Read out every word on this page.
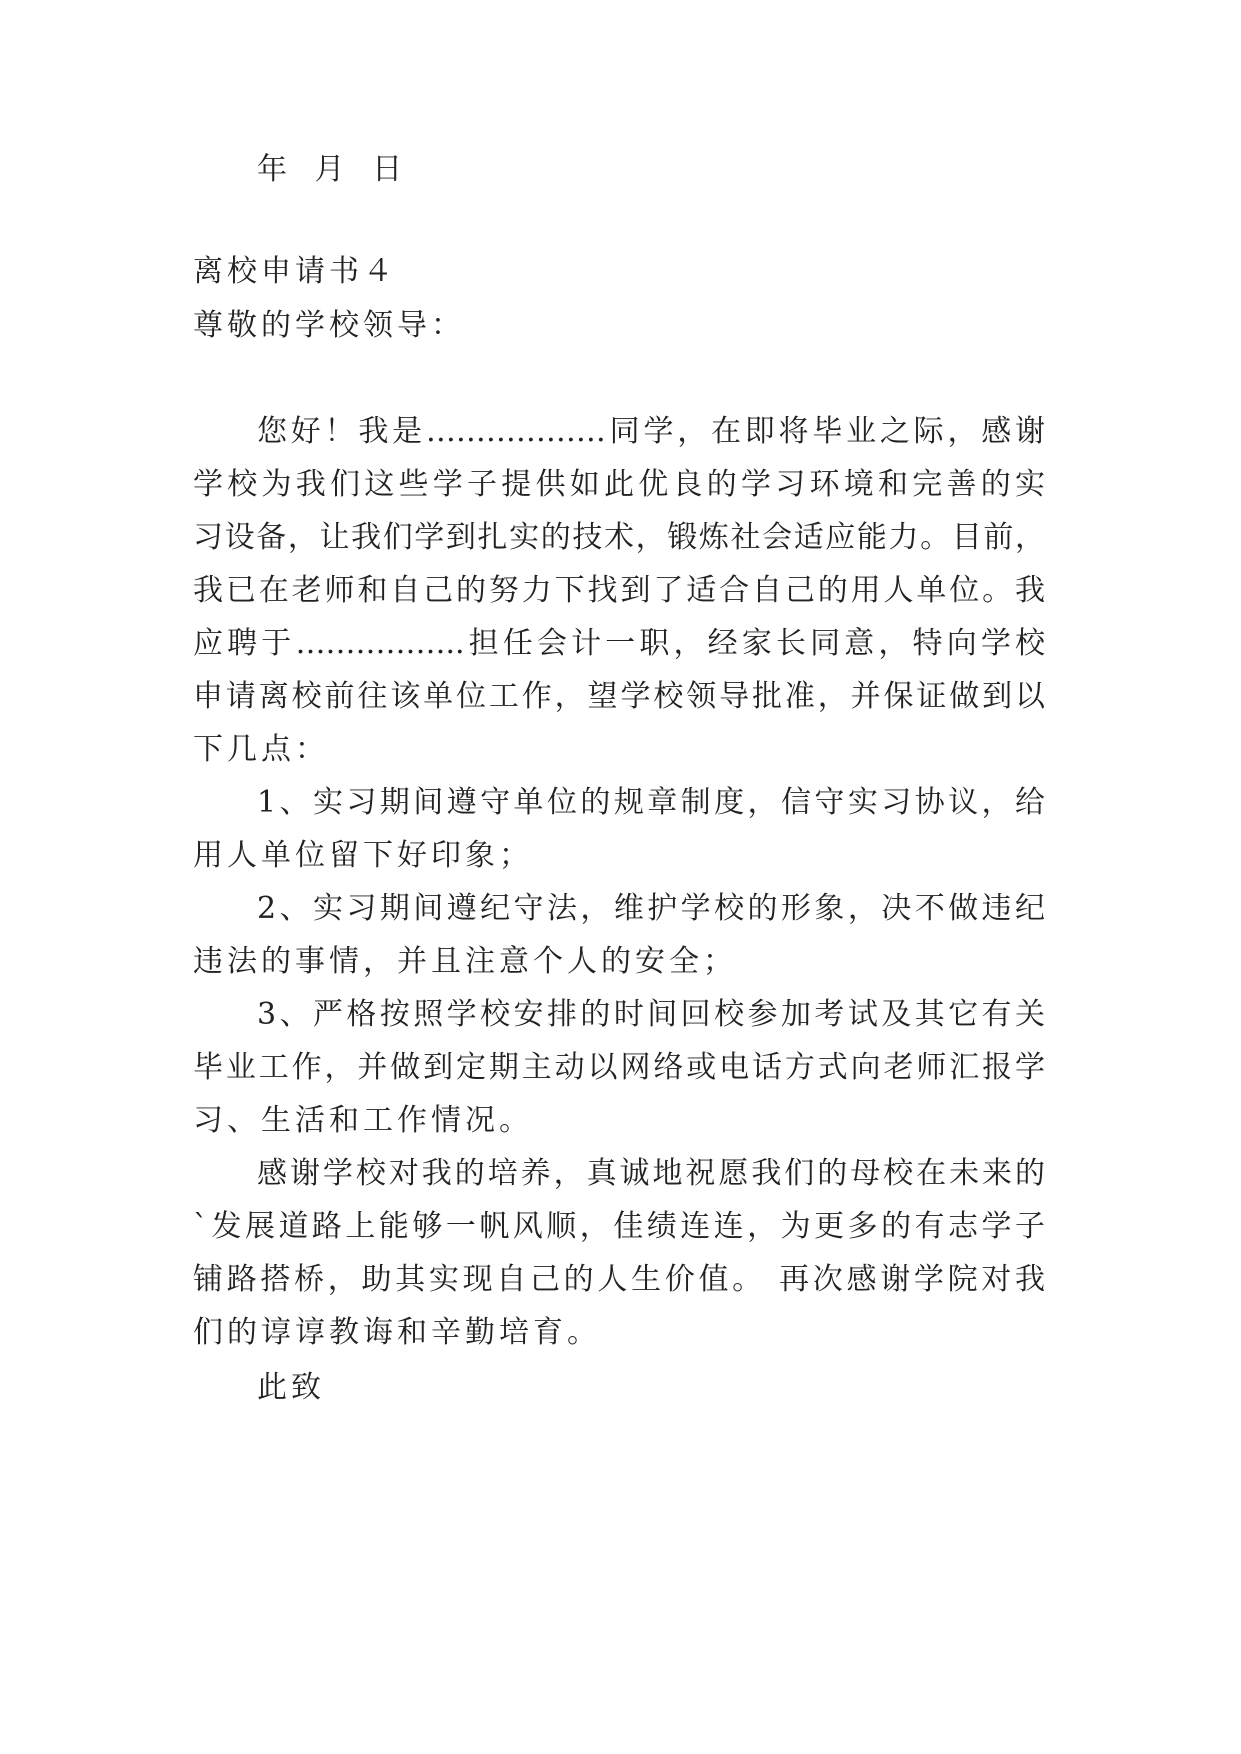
年 月 日
离校申请书４
尊敬的学校领导：
您好！我是………………同学，在即将毕业之际，感谢
学校为我们这些学子提供如此优良的学习环境和完善的实
习设备，让我们学到扎实的技术，锻炼社会适应能力。目前，
我已在老师和自己的努力下找到了适合自己的用人单位。我
应聘于……………..担任会计一职，经家长同意，特向学校
申请离校前往该单位工作，望学校领导批准，并保证做到以
下几点：
1、实习期间遵守单位的规章制度，信守实习协议，给
用人单位留下好印象；
2、实习期间遵纪守法，维护学校的形象，决不做违纪
违法的事情，并且注意个人的安全；
3、严格按照学校安排的时间回校参加考试及其它有关
毕业工作，并做到定期主动以网络或电话方式向老师汇报学
习、生活和工作情况。
感谢学校对我的培养，真诚地祝愿我们的母校在未来的
`发展道路上能够一帆风顺，佳绩连连，为更多的有志学子
铺路搭桥，助其实现自己的人生价值。 再次感谢学院对我
们的谆谆教诲和辛勤培育。
此致
